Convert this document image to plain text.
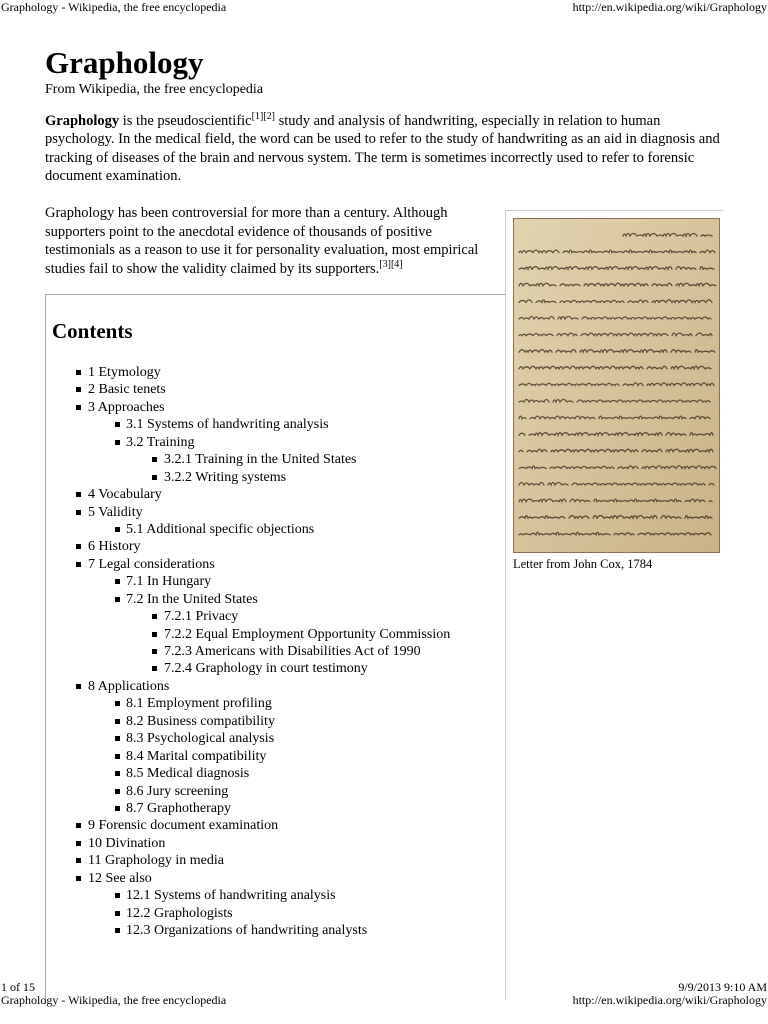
Graphology - Wikipedia, the free encyclopedia	http://en.wikipedia.org/wiki/Graphology
Graphology
From Wikipedia, the free encyclopedia

Graphology is the pseudoscientific[1][2] study and analysis of handwriting, especially in relation to human psychology. In the medical field, the word can be used to refer to the study of handwriting as an aid in diagnosis and tracking of diseases of the brain and nervous system. The term is sometimes incorrectly used to refer to forensic document examination.

Graphology has been controversial for more than a century. Although supporters point to the anecdotal evidence of thousands of positive testimonials as a reason to use it for personality evaluation, most empirical studies fail to show the validity claimed by its supporters.[3][4]

Letter from John Cox, 1784
Contents
1 Etymology
2 Basic tenets
3 Approaches
3.1 Systems of handwriting analysis
3.2 Training
3.2.1 Training in the United States
3.2.2 Writing systems
4 Vocabulary
5 Validity
5.1 Additional specific objections
6 History
7 Legal considerations
7.1 In Hungary
7.2 In the United States
7.2.1 Privacy
7.2.2 Equal Employment Opportunity Commission
7.2.3 Americans with Disabilities Act of 1990
7.2.4 Graphology in court testimony
8 Applications
8.1 Employment profiling
8.2 Business compatibility
8.3 Psychological analysis
8.4 Marital compatibility
8.5 Medical diagnosis
8.6 Jury screening
8.7 Graphotherapy
9 Forensic document examination
10 Divination
11 Graphology in media
12 See also
12.1 Systems of handwriting analysis
12.2 Graphologists
12.3 Organizations of handwriting analysts
1 of 15	9/9/2013 9:10 AM
Graphology - Wikipedia, the free encyclopedia	http://en.wikipedia.org/wiki/Graphology
